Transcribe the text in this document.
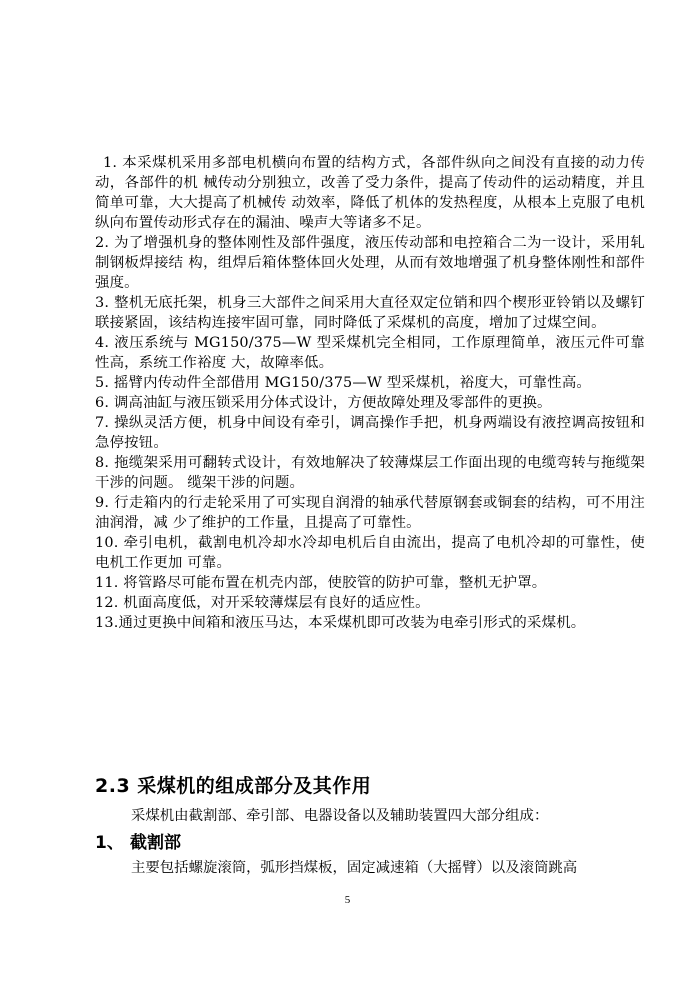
1. 本采煤机采用多部电机横向布置的结构方式，各部件纵向之间没有直接的动力传动，各部件的机 械传动分别独立，改善了受力条件，提高了传动件的运动精度，并且简单可靠，大大提高了机械传 动效率，降低了机体的发热程度，从根本上克服了电机纵向布置传动形式存在的漏油、噪声大等诸多不足。

2. 为了增强机身的整体刚性及部件强度，液压传动部和电控箱合二为一设计，采用轧制钢板焊接结 构，组焊后箱体整体回火处理，从而有效地增强了机身整体刚性和部件强度。

3. 整机无底托架，机身三大部件之间采用大直径双定位销和四个楔形亚铃销以及螺钉联接紧固，该结构连接牢固可靠，同时降低了采煤机的高度，增加了过煤空间。

4. 液压系统与 MG150/375—W 型采煤机完全相同，工作原理简单，液压元件可靠性高，系统工作裕度 大，故障率低。

5. 摇臂内传动件全部借用 MG150/375—W 型采煤机，裕度大，可靠性高。

6. 调高油缸与液压锁采用分体式设计，方便故障处理及零部件的更换。

7. 操纵灵活方便，机身中间设有牵引，调高操作手把，机身两端设有液控调高按钮和急停按钮。

8. 拖缆架采用可翻转式设计，有效地解决了较薄煤层工作面出现的电缆弯转与拖缆架干涉的问题。 缆架干涉的问题。

9. 行走箱内的行走轮采用了可实现自润滑的轴承代替原钢套或铜套的结构，可不用注油润滑，减 少了维护的工作量，且提高了可靠性。

10. 牵引电机，截割电机冷却水冷却电机后自由流出，提高了电机冷却的可靠性，使电机工作更加 可靠。

11. 将管路尽可能布置在机壳内部，使胶管的防护可靠，整机无护罩。

12. 机面高度低，对开采较薄煤层有良好的适应性。

13.通过更换中间箱和液压马达，本采煤机即可改装为电牵引形式的采煤机。

2.3 采煤机的组成部分及其作用

采煤机由截割部、牵引部、电器设备以及辅助装置四大部分组成：

1、 截割部

主要包括螺旋滚筒，弧形挡煤板，固定减速箱（大摇臂）以及滚筒跳高

5
